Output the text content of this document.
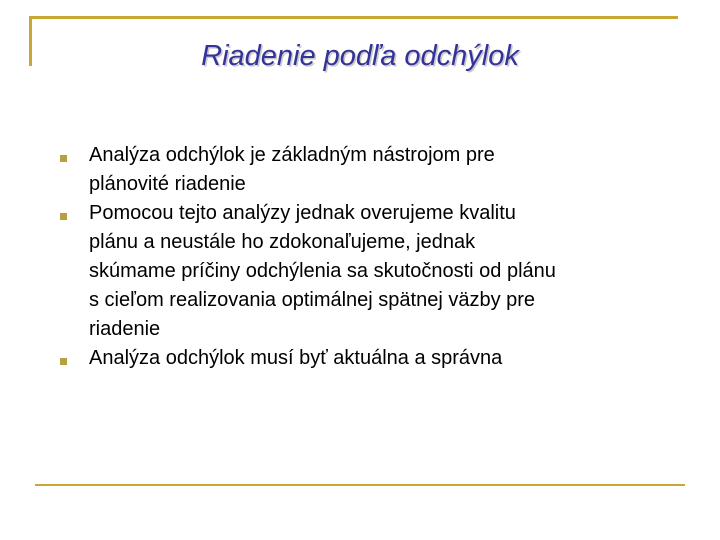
Riadenie podľa odchýlok
Analýza odchýlok je základným nástrojom pre
plánovité riadenie
Pomocou tejto analýzy jednak overujeme kvalitu
plánu a neustále ho zdokonaľujeme, jednak
skúmame príčiny odchýlenia sa skutočnosti od plánu
s cieľom realizovania optimálnej spätnej väzby pre
riadenie
Analýza odchýlok musí byť aktuálna a správna
